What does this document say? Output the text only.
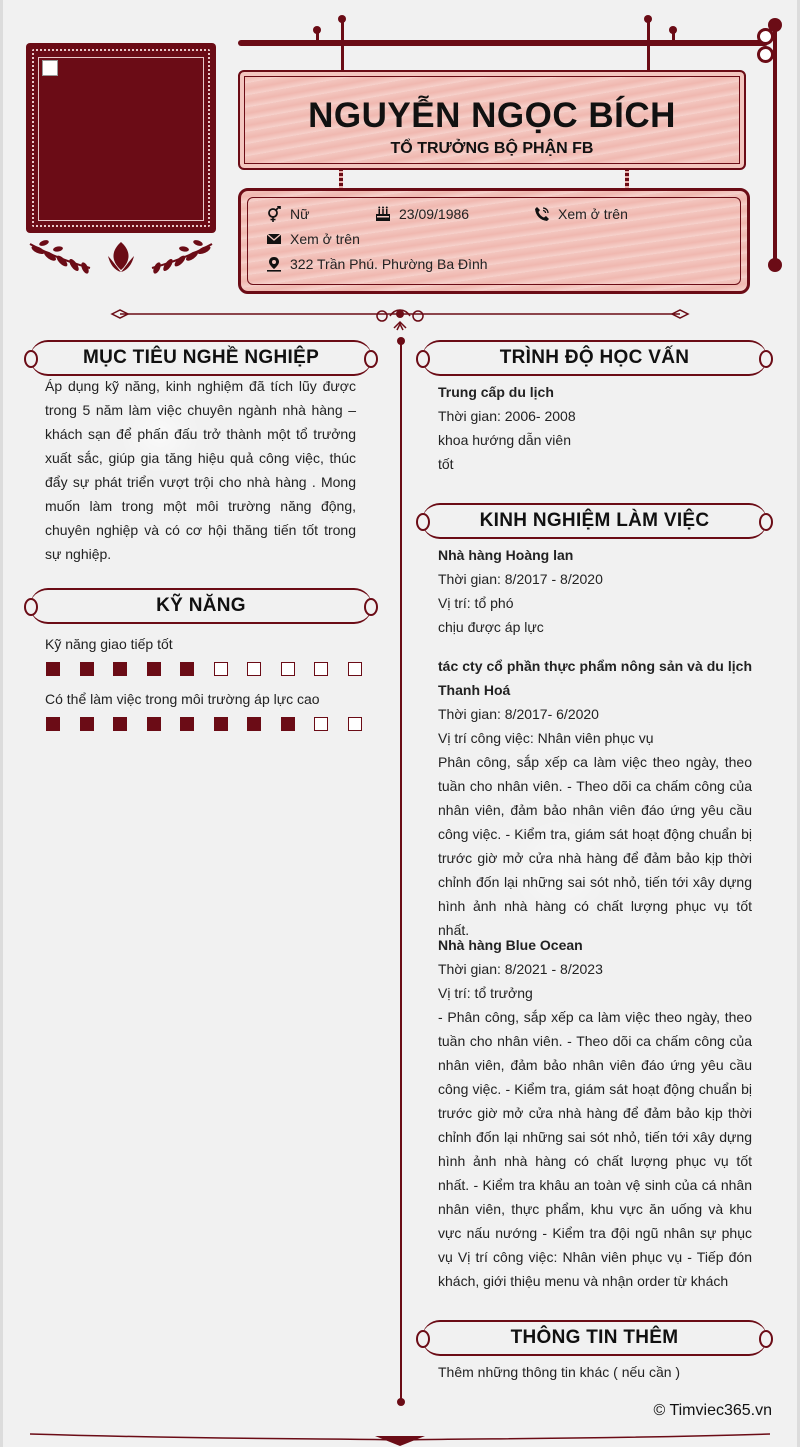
NGUYỄN NGỌC BÍCH
TỔ TRƯỞNG BỘ PHẬN FB
Nữ	23/09/1986	Xem ở trên
Xem ở trên
322 Trần Phú. Phường Ba Đình
MỤC TIÊU NGHỀ NGHIỆP

Áp dụng kỹ năng, kinh nghiệm đã tích lũy được trong 5 năm làm việc chuyên ngành nhà hàng – khách sạn để phấn đấu trở thành một tổ trưởng xuất sắc, giúp gia tăng hiệu quả công việc, thúc đẩy sự phát triển vượt trội cho nhà hàng . Mong muốn làm trong một môi trường năng động, chuyên nghiệp và có cơ hội thăng tiến tốt trong sự nghiệp.

KỸ NĂNG
Kỹ năng giao tiếp tốt
Có thể làm việc trong môi trường áp lực cao
TRÌNH ĐỘ HỌC VẤN

Trung cấp du lịch

Thời gian: 2006- 2008

khoa hướng dẫn viên

tốt

KINH NGHIỆM LÀM VIỆC

Nhà hàng Hoàng lan

Thời gian: 8/2017 - 8/2020

Vị trí: tổ phó

chịu được áp lực

tác cty cổ phần thực phẩm nông sản và du lịch Thanh Hoá

Thời gian: 8/2017- 6/2020

Vị trí công việc: Nhân viên phục vụ

Phân công, sắp xếp ca làm việc theo ngày, theo tuần cho nhân viên. - Theo dõi ca chấm công của nhân viên, đảm bảo nhân viên đáo ứng yêu cầu công việc. - Kiểm tra, giám sát hoạt động chuẩn bị trước giờ mở cửa nhà hàng để đảm bảo kịp thời chỉnh đốn lại những sai sót nhỏ, tiến tới xây dựng hình ảnh nhà hàng có chất lượng phục vụ tốt nhất.

Nhà hàng Blue Ocean

Thời gian: 8/2021 - 8/2023

Vị trí: tổ trưởng

- Phân công, sắp xếp ca làm việc theo ngày, theo tuần cho nhân viên. - Theo dõi ca chấm công của nhân viên, đảm bảo nhân viên đáo ứng yêu cầu công việc. - Kiểm tra, giám sát hoạt động chuẩn bị trước giờ mở cửa nhà hàng để đảm bảo kịp thời chỉnh đốn lại những sai sót nhỏ, tiến tới xây dựng hình ảnh nhà hàng có chất lượng phục vụ tốt nhất. - Kiểm tra khâu an toàn vệ sinh của cá nhân nhân viên, thực phẩm, khu vực ăn uống và khu vực nấu nướng - Kiểm tra đội ngũ nhân sự phục vụ Vị trí công việc: Nhân viên phục vụ - Tiếp đón khách, giới thiệu menu và nhận order từ khách

THÔNG TIN THÊM

Thêm những thông tin khác ( nếu cần )

© Timviec365.vn
